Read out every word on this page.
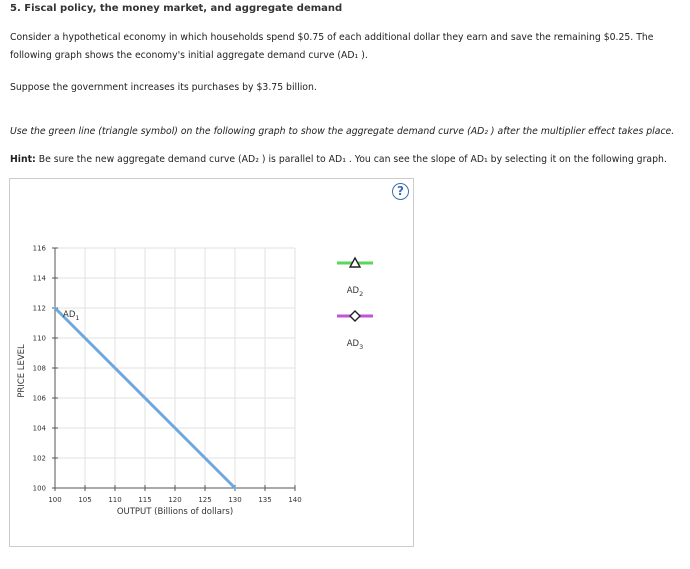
5. Fiscal policy, the money market, and aggregate demand

Consider a hypothetical economy in which households spend $0.75 of each additional dollar they earn and save the remaining $0.25. The following graph shows the economy's initial aggregate demand curve (AD₁ ).

Suppose the government increases its purchases by $3.75 billion.

Use the green line (triangle symbol) on the following graph to show the aggregate demand curve (AD₂ ) after the multiplier effect takes place.

Hint: Be sure the new aggregate demand curve (AD₂ ) is parallel to AD₁ . You can see the slope of AD₁ by selecting it on the following graph.

?
100
102
104
106
108
110
112
114
116
100 105 110 115 120 125 130 135 140
$AD_1$
$AD_2$
$AD_3$
PRICE LEVEL
OUTPUT (Billions of dollars)
